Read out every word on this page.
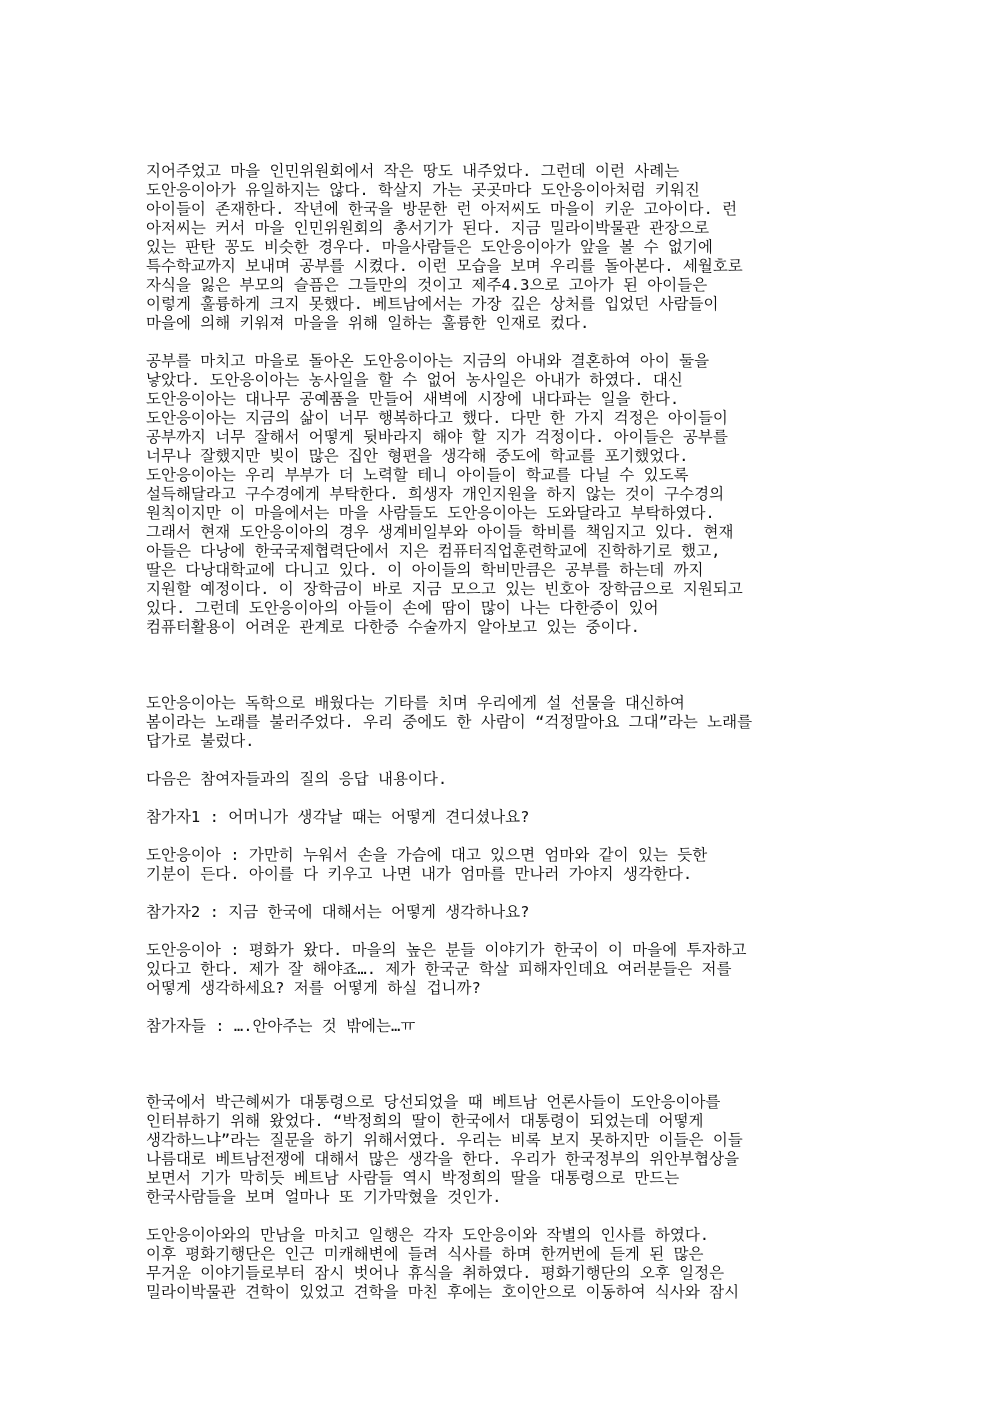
지어주었고 마을 인민위원회에서 작은 땅도 내주었다. 그런데 이런 사례는
도안응이아가 유일하지는 않다. 학살지 가는 곳곳마다 도안응이아처럼 키워진
아이들이 존재한다. 작년에 한국을 방문한 런 아저씨도 마을이 키운 고아이다. 런
아저씨는 커서 마을 인민위원회의 총서기가 된다. 지금 밀라이박물관 관장으로
있는 판탄 꽁도 비슷한 경우다. 마을사람들은 도안응이아가 앞을 볼 수 없기에
특수학교까지 보내며 공부를 시켰다. 이런 모습을 보며 우리를 돌아본다. 세월호로
자식을 잃은 부모의 슬픔은 그들만의 것이고 제주4.3으로 고아가 된 아이들은
이렇게 훌륭하게 크지 못했다. 베트남에서는 가장 깊은 상처를 입었던 사람들이
마을에 의해 키워져 마을을 위해 일하는 훌륭한 인재로 컸다.
공부를 마치고 마을로 돌아온 도안응이아는 지금의 아내와 결혼하여 아이 둘을
낳았다. 도안응이아는 농사일을 할 수 없어 농사일은 아내가 하였다. 대신
도안응이아는 대나무 공예품을 만들어 새벽에 시장에 내다파는 일을 한다.
도안응이아는 지금의 삶이 너무 행복하다고 했다. 다만 한 가지 걱정은 아이들이
공부까지 너무 잘해서 어떻게 뒷바라지 해야 할 지가 걱정이다. 아이들은 공부를
너무나 잘했지만 빚이 많은 집안 형편을 생각해 중도에 학교를 포기했었다.
도안응이아는 우리 부부가 더 노력할 테니 아이들이 학교를 다닐 수 있도록
설득해달라고 구수경에게 부탁한다. 희생자 개인지원을 하지 않는 것이 구수경의
원칙이지만 이 마을에서는 마을 사람들도 도안응이아는 도와달라고 부탁하였다.
그래서 현재 도안응이아의 경우 생계비일부와 아이들 학비를 책임지고 있다. 현재
아들은 다낭에 한국국제협력단에서 지은 컴퓨터직업훈련학교에 진학하기로 했고,
딸은 다낭대학교에 다니고 있다. 이 아이들의 학비만큼은 공부를 하는데 까지
지원할 예정이다. 이 장학금이 바로 지금 모으고 있는 빈호아 장학금으로 지원되고
있다. 그런데 도안응이아의 아들이 손에 땀이 많이 나는 다한증이 있어
컴퓨터활용이 어려운 관계로 다한증 수술까지 알아보고 있는 중이다.
도안응이아는 독학으로 배웠다는 기타를 치며 우리에게 설 선물을 대신하여
봄이라는 노래를 불러주었다. 우리 중에도 한 사람이 “걱정말아요 그대”라는 노래를
답가로 불렀다.
다음은 참여자들과의 질의 응답 내용이다.
참가자1 : 어머니가 생각날 때는 어떻게 견디셨나요?
도안응이아 : 가만히 누워서 손을 가슴에 대고 있으면 엄마와 같이 있는 듯한
기분이 든다. 아이를 다 키우고 나면 내가 엄마를 만나러 가야지 생각한다.
참가자2 : 지금 한국에 대해서는 어떻게 생각하나요?
도안응이아 : 평화가 왔다. 마을의 높은 분들 이야기가 한국이 이 마을에 투자하고
있다고 한다. 제가 잘 해야죠…. 제가 한국군 학살 피해자인데요 여러분들은 저를
어떻게 생각하세요? 저를 어떻게 하실 겁니까?
참가자들 : ….안아주는 것 밖에는…ㅠ
한국에서 박근혜씨가 대통령으로 당선되었을 때 베트남 언론사들이 도안응이아를
인터뷰하기 위해 왔었다. “박정희의 딸이 한국에서 대통령이 되었는데 어떻게
생각하느냐”라는 질문을 하기 위해서였다. 우리는 비록 보지 못하지만 이들은 이들
나름대로 베트남전쟁에 대해서 많은 생각을 한다. 우리가 한국정부의 위안부협상을
보면서 기가 막히듯 베트남 사람들 역시 박정희의 딸을 대통령으로 만드는
한국사람들을 보며 얼마나 또 기가막혔을 것인가.
도안응이아와의 만남을 마치고 일행은 각자 도안응이와 작별의 인사를 하였다.
이후 평화기행단은 인근 미캐해변에 들려 식사를 하며 한꺼번에 듣게 된 많은
무거운 이야기들로부터 잠시 벗어나 휴식을 취하였다. 평화기행단의 오후 일정은
밀라이박물관 견학이 있었고 견학을 마친 후에는 호이안으로 이동하여 식사와 잠시
